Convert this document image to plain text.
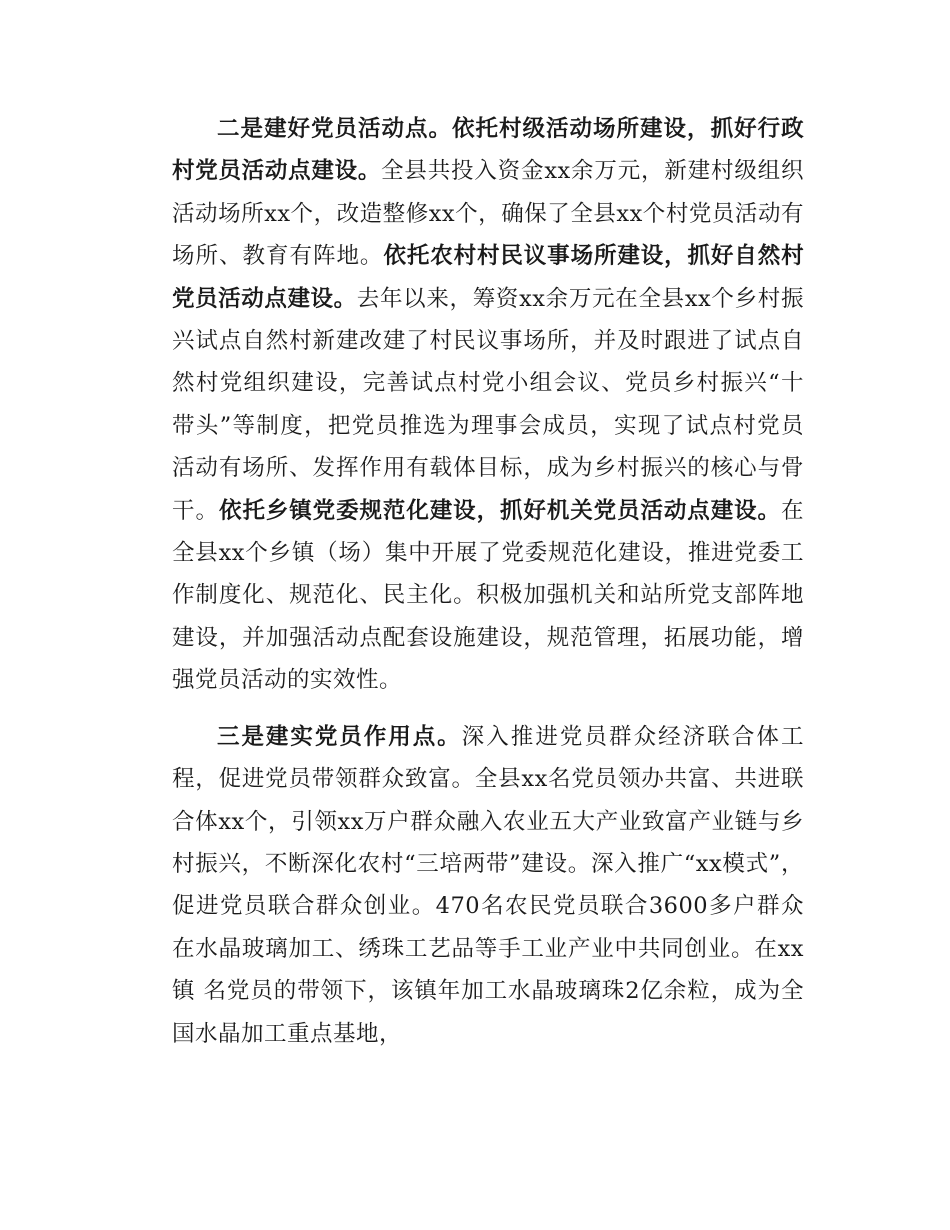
二是建好党员活动点。依托村级活动场所建设，抓好行政村党员活动点建设。全县共投入资金xx余万元，新建村级组织活动场所xx个，改造整修xx个，确保了全县xx个村党员活动有场所、教育有阵地。依托农村村民议事场所建设，抓好自然村党员活动点建设。去年以来，筹资xx余万元在全县xx个乡村振兴试点自然村新建改建了村民议事场所，并及时跟进了试点自然村党组织建设，完善试点村党小组会议、党员乡村振兴“十带头”等制度，把党员推选为理事会成员，实现了试点村党员活动有场所、发挥作用有载体目标，成为乡村振兴的核心与骨干。依托乡镇党委规范化建设，抓好机关党员活动点建设。在全县xx个乡镇（场）集中开展了党委规范化建设，推进党委工作制度化、规范化、民主化。积极加强机关和站所党支部阵地建设，并加强活动点配套设施建设，规范管理，拓展功能，增强党员活动的实效性。

三是建实党员作用点。深入推进党员群众经济联合体工程，促进党员带领群众致富。全县xx名党员领办共富、共进联合体xx个，引领xx万户群众融入农业五大产业致富产业链与乡村振兴，不断深化农村“三培两带”建设。深入推广“xx模式”，促进党员联合群众创业。470名农民党员联合3600多户群众在水晶玻璃加工、绣珠工艺品等手工业产业中共同创业。在xx镇 名党员的带领下，该镇年加工水晶玻璃珠2亿余粒，成为全国水晶加工重点基地，
